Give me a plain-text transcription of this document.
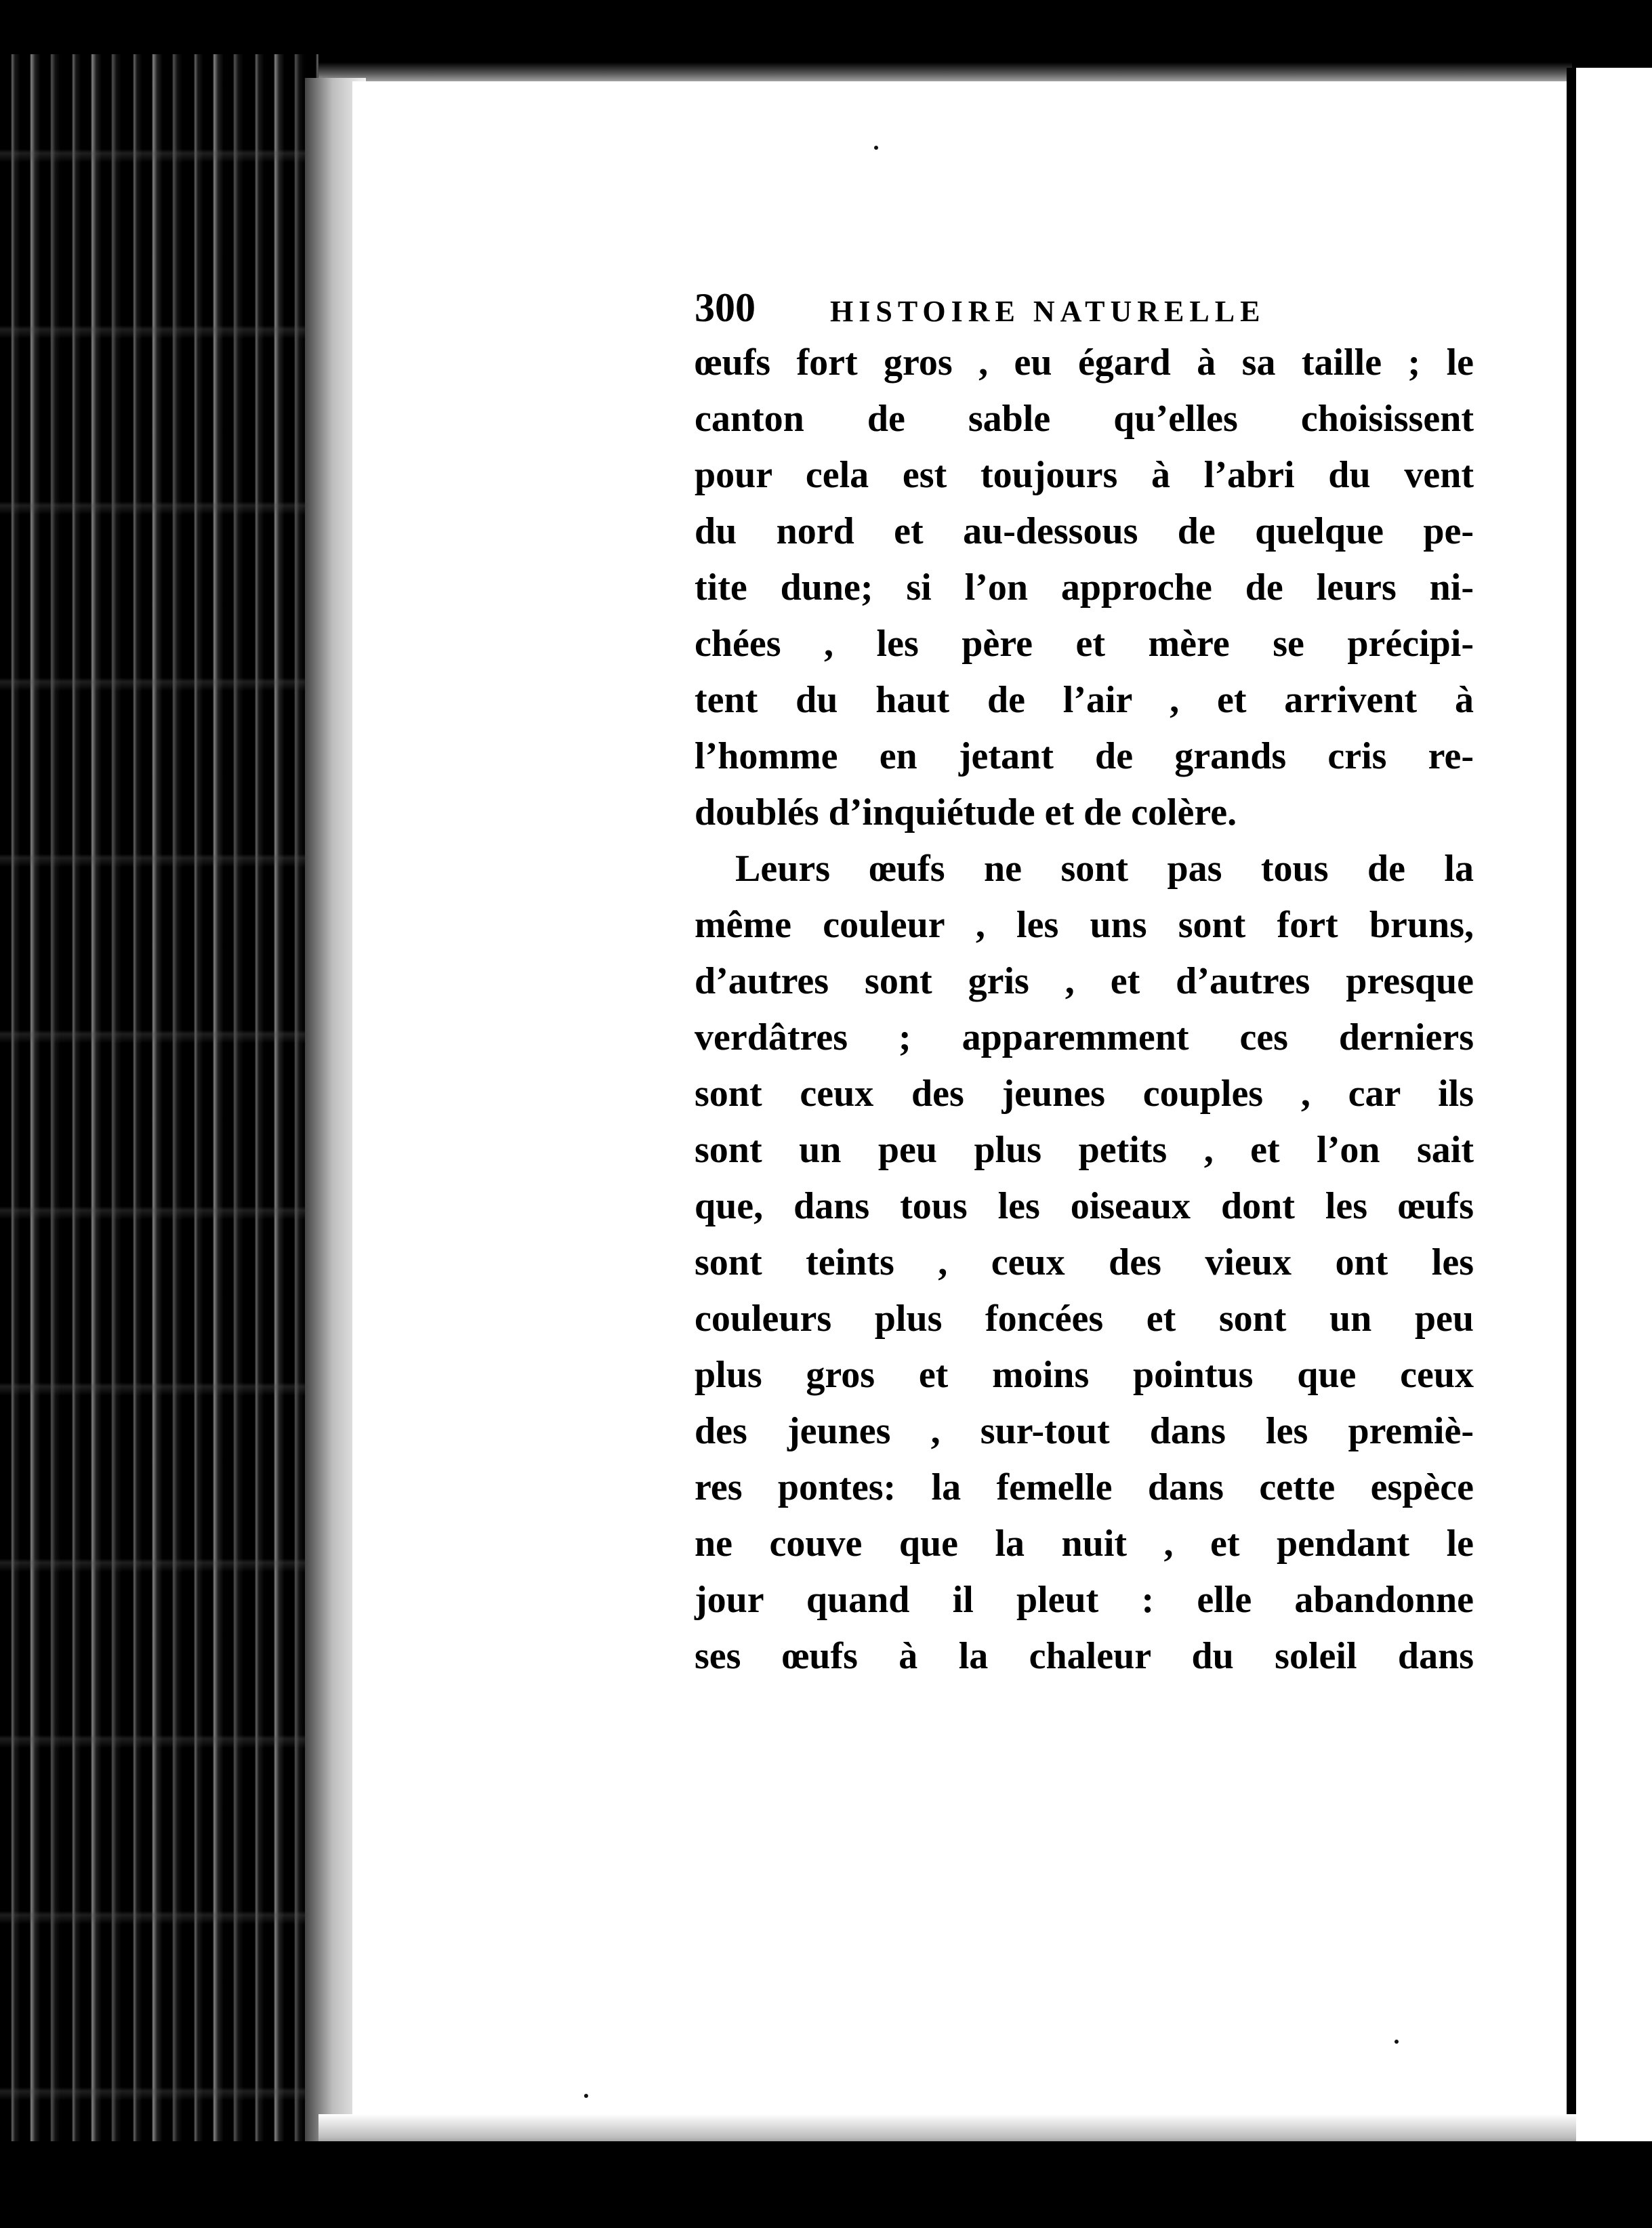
300	HISTOIRE NATURELLE
œufs fort gros , eu égard à sa taille ; le
canton de sable qu’elles choisissent
pour cela est toujours à l’abri du vent
du nord et au-dessous de quelque pe-
tite dune; si l’on approche de leurs ni-
chées , les père et mère se précipi-
tent du haut de l’air , et arrivent à
l’homme en jetant de grands cris re-
doublés d’inquiétude et de colère.
Leurs œufs ne sont pas tous de la
même couleur , les uns sont fort bruns,
d’autres sont gris , et d’autres presque
verdâtres ; apparemment ces derniers
sont ceux des jeunes couples , car ils
sont un peu plus petits , et l’on sait
que, dans tous les oiseaux dont les œufs
sont teints , ceux des vieux ont les
couleurs plus foncées et sont un peu
plus gros et moins pointus que ceux
des jeunes , sur-tout dans les premiè-
res pontes: la femelle dans cette espèce
ne couve que la nuit , et pendant le
jour quand il pleut : elle abandonne
ses œufs à la chaleur du soleil dans
